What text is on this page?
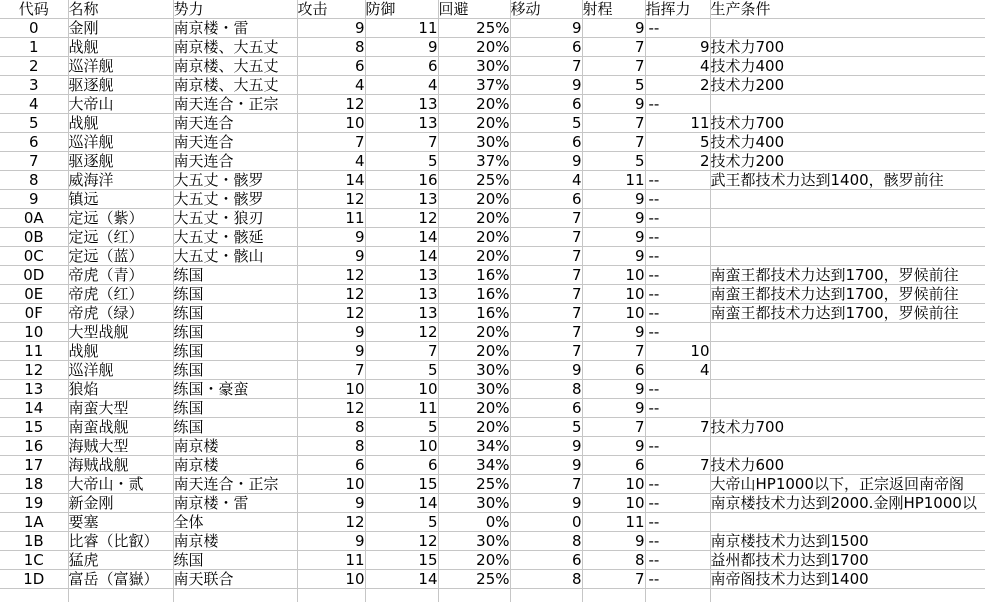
代码	名称	势力	攻击	防御	回避	移动	射程	指挥力	生产条件
0	金刚	南京楼・雷	9	11	25%	9	9	--	
1	战舰	南京楼、大五丈	8	9	20%	6	7	9	技术力700
2	巡洋舰	南京楼、大五丈	6	6	30%	7	7	4	技术力400
3	驱逐舰	南京楼、大五丈	4	4	37%	9	5	2	技术力200
4	大帝山	南天连合・正宗	12	13	20%	6	9	--	
5	战舰	南天连合	10	13	20%	5	7	11	技术力700
6	巡洋舰	南天连合	7	7	30%	6	7	5	技术力400
7	驱逐舰	南天连合	4	5	37%	9	5	2	技术力200
8	威海洋	大五丈・骸罗	14	16	25%	4	11	--	武王都技术力达到1400，骸罗前往
9	镇远	大五丈・骸罗	12	13	20%	6	9	--	
0A	定远（紫）	大五丈・狼刃	11	12	20%	7	9	--	
0B	定远（红）	大五丈・骸延	9	14	20%	7	9	--	
0C	定远（蓝）	大五丈・骸山	9	14	20%	7	9	--	
0D	帝虎（青）	练国	12	13	16%	7	10	--	南蛮王都技术力达到1700，罗候前往
0E	帝虎（红）	练国	12	13	16%	7	10	--	南蛮王都技术力达到1700，罗候前往
0F	帝虎（绿）	练国	12	13	16%	7	10	--	南蛮王都技术力达到1700，罗候前往
10	大型战舰	练国	9	12	20%	7	9	--	
11	战舰	练国	9	7	20%	7	7	10	
12	巡洋舰	练国	7	5	30%	9	6	4	
13	狼焰	练国・豪蛮	10	10	30%	8	9	--	
14	南蛮大型	练国	12	11	20%	6	9	--	
15	南蛮战舰	练国	8	5	20%	5	7	7	技术力700
16	海贼大型	南京楼	8	10	34%	9	9	--	
17	海贼战舰	南京楼	6	6	34%	9	6	7	技术力600
18	大帝山・贰	南天连合・正宗	10	15	25%	7	10	--	大帝山HP1000以下，正宗返回南帝阁
19	新金刚	南京楼・雷	9	14	30%	9	10	--	南京楼技术力达到2000.金刚HP1000以
1A	要塞	全体	12	5	0%	0	11	--	
1B	比睿（比叡）	南京楼	9	12	30%	8	9	--	南京楼技术力达到1500
1C	猛虎	练国	11	15	20%	6	8	--	益州都技术力达到1700
1D	富岳（富嶽）	南天联合	10	14	25%	8	7	--	南帝阁技术力达到1400
